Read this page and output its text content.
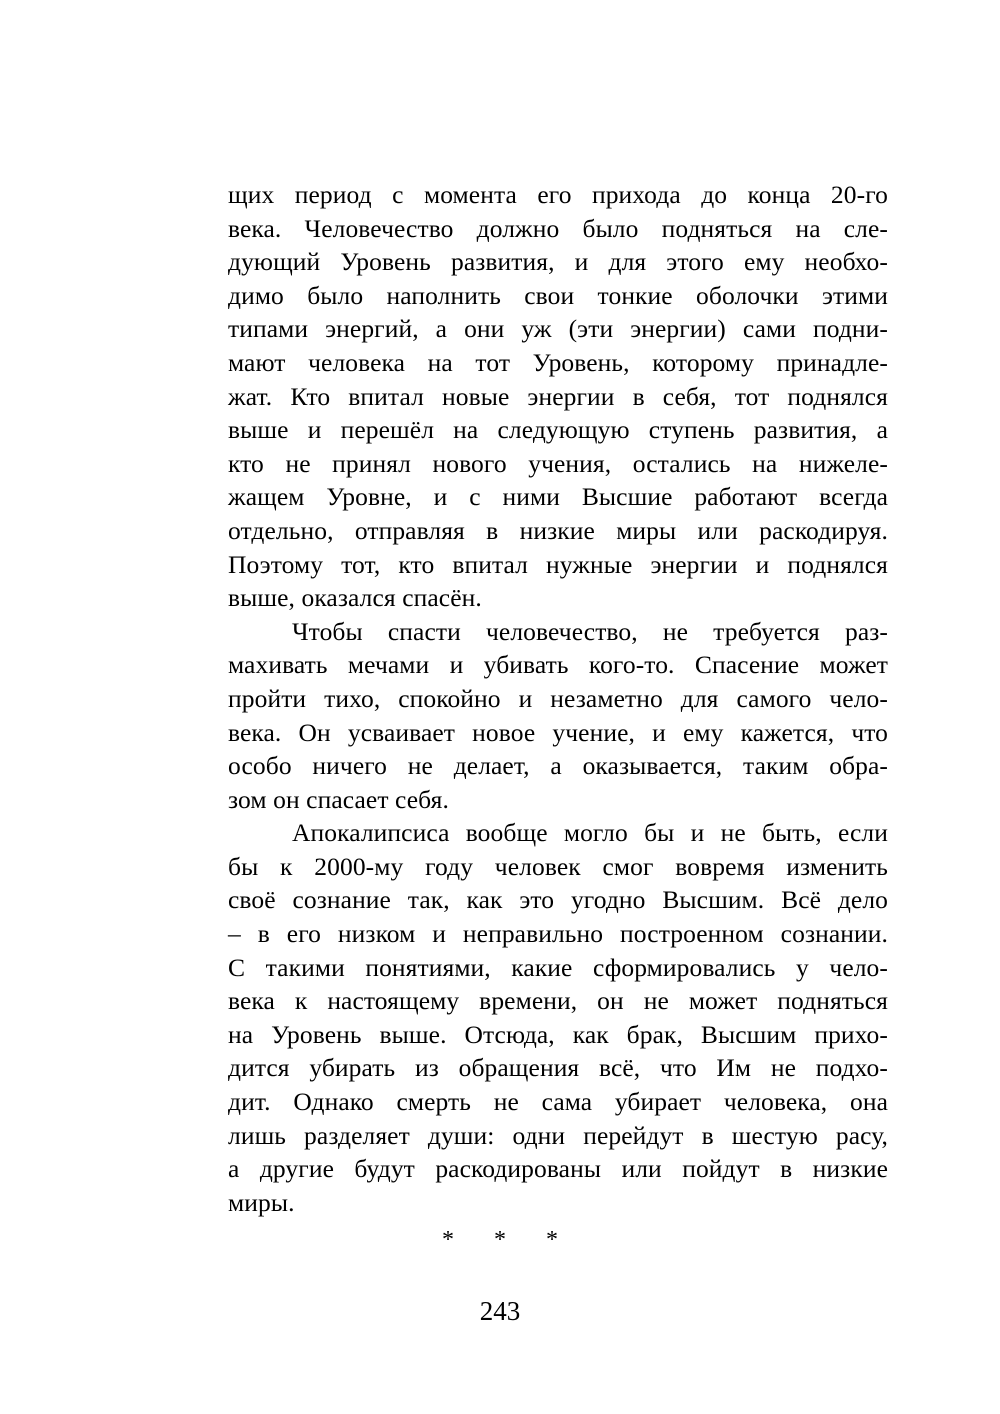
щих период с момента его прихода до конца 20-го
века. Человечество должно было подняться на сле-
дующий Уровень развития, и для этого ему необхо-
димо было наполнить свои тонкие оболочки этими
типами энергий, а они уж (эти энергии) сами подни-
мают человека на тот Уровень, которому принадле-
жат. Кто впитал новые энергии в себя, тот поднялся
выше и перешёл на следующую ступень развития, а
кто не принял нового учения, остались на нижеле-
жащем Уровне, и с ними Высшие работают всегда
отдельно, отправляя в низкие миры или раскодируя.
Поэтому тот, кто впитал нужные энергии и поднялся
выше, оказался спасён.
Чтобы спасти человечество, не требуется раз-
махивать мечами и убивать кого-то. Спасение может
пройти тихо, спокойно и незаметно для самого чело-
века. Он усваивает новое учение, и ему кажется, что
особо ничего не делает, а оказывается, таким обра-
зом он спасает себя.
Апокалипсиса вообще могло бы и не быть, если
бы к 2000-му году человек смог вовремя изменить
своё сознание так, как это угодно Высшим. Всё дело
– в его низком и неправильно построенном сознании.
С такими понятиями, какие сформировались у чело-
века к настоящему времени, он не может подняться
на Уровень выше. Отсюда, как брак, Высшим прихо-
дится убирать из обращения всё, что Им не подхо-
дит. Однако смерть не сама убирает человека, она
лишь разделяет души: одни перейдут в шестую расу,
а другие будут раскодированы или пойдут в низкие
миры.
* * *
243
